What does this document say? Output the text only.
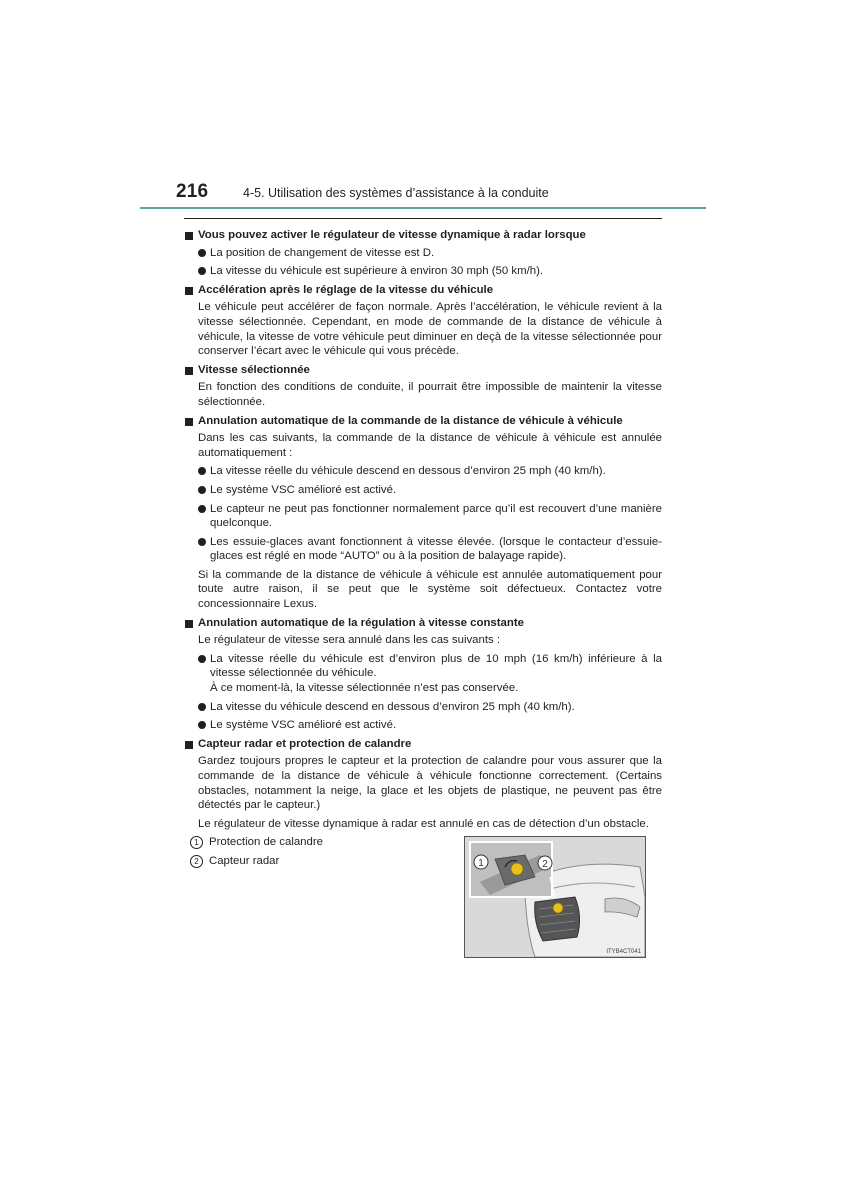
216	4-5. Utilisation des systèmes d’assistance à la conduite
Vous pouvez activer le régulateur de vitesse dynamique à radar lorsque
La position de changement de vitesse est D.
La vitesse du véhicule est supérieure à environ 30 mph (50 km/h).
Accélération après le réglage de la vitesse du véhicule
Le véhicule peut accélérer de façon normale. Après l’accélération, le véhicule revient à la vitesse sélectionnée. Cependant, en mode de commande de la distance de véhicule à véhicule, la vitesse de votre véhicule peut diminuer en deçà de la vitesse sélectionnée pour conserver l’écart avec le véhicule qui vous précède.
Vitesse sélectionnée
En fonction des conditions de conduite, il pourrait être impossible de maintenir la vitesse sélectionnée.
Annulation automatique de la commande de la distance de véhicule à véhicule
Dans les cas suivants, la commande de la distance de véhicule à véhicule est annulée automatiquement :
La vitesse réelle du véhicule descend en dessous d’environ 25 mph (40 km/h).
Le système VSC amélioré est activé.
Le capteur ne peut pas fonctionner normalement parce qu’il est recouvert d’une manière quelconque.
Les essuie-glaces avant fonctionnent à vitesse élevée. (lorsque le contacteur d’essuie-glaces est réglé en mode “AUTO” ou à la position de balayage rapide).
Si la commande de la distance de véhicule à véhicule est annulée automatiquement pour toute autre raison, il se peut que le système soit défectueux. Contactez votre concessionnaire Lexus.
Annulation automatique de la régulation à vitesse constante
Le régulateur de vitesse sera annulé dans les cas suivants :
La vitesse réelle du véhicule est d’environ plus de 10 mph (16 km/h) inférieure à la vitesse sélectionnée du véhicule.
À ce moment-là, la vitesse sélectionnée n’est pas conservée.
La vitesse du véhicule descend en dessous d’environ 25 mph (40 km/h).
Le système VSC amélioré est activé.
Capteur radar et protection de calandre
Gardez toujours propres le capteur et la protection de calandre pour vous assurer que la commande de la distance de véhicule à véhicule fonctionne correctement. (Certains obstacles, notamment la neige, la glace et les objets de plastique, ne peuvent pas être détectés par le capteur.)
Le régulateur de vitesse dynamique à radar est annulé en cas de détection d’un obstacle.
1 Protection de calandre
2 Capteur radar	1	2
ITYB4CT041
